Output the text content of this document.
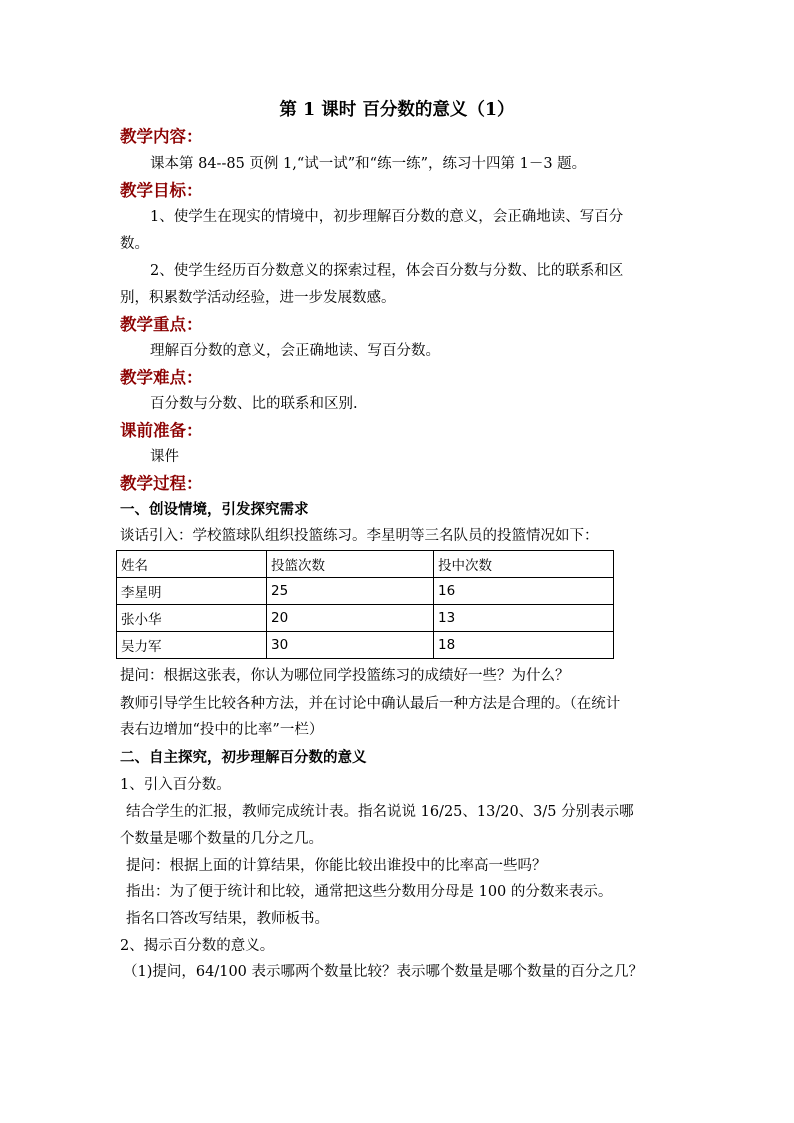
第 1 课时 百分数的意义（1）
教学内容：
课本第 84--85 页例 1,“试一试”和“练一练”，练习十四第 1－3 题。
教学目标：
1、使学生在现实的情境中，初步理解百分数的意义，会正确地读、写百分
数。
2、使学生经历百分数意义的探索过程，体会百分数与分数、比的联系和区
别，积累数学活动经验，进一步发展数感。
教学重点：
理解百分数的意义，会正确地读、写百分数。
教学难点：
百分数与分数、比的联系和区别.
课前准备：
课件
教学过程：
一、创设情境，引发探究需求
谈话引入：学校篮球队组织投篮练习。李星明等三名队员的投篮情况如下：
姓名	投篮次数	投中次数
李星明	25	16
张小华	20	13
吴力军	30	18
提问：根据这张表，你认为哪位同学投篮练习的成绩好一些？为什么？
教师引导学生比较各种方法，并在讨论中确认最后一种方法是合理的。（在统计
表右边增加“投中的比率”一栏）
二、自主探究，初步理解百分数的意义
1、引入百分数。
结合学生的汇报，教师完成统计表。指名说说 16/25、13/20、3/5 分别表示哪
个数量是哪个数量的几分之几。
提问：根据上面的计算结果，你能比较出谁投中的比率高一些吗？
指出：为了便于统计和比较，通常把这些分数用分母是 100 的分数来表示。
指名口答改写结果，教师板书。
2、揭示百分数的意义。
（1)提问，64/100 表示哪两个数量比较？表示哪个数量是哪个数量的百分之几？
